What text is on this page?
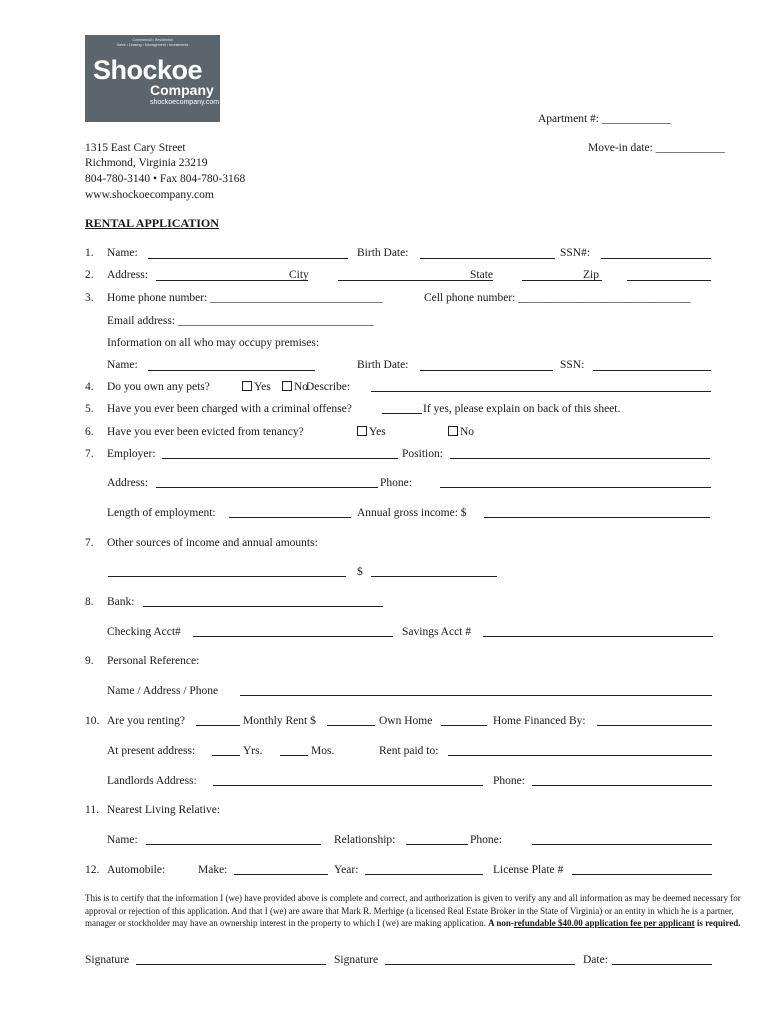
Commercial • Residential
Sales • Leasing • Management • Investments
Shockoe
Company
shockoecompany.com
Apartment #: ____________
Move-in date: ____________
1315 East Cary Street
Richmond, Virginia 23219
804-780-3140 • Fax 804-780-3168
www.shockoecompany.com
RENTAL APPLICATION
1. Name:	Birth Date:	SSN#:
2. Address:	City	State	Zip
3. Home phone number: ______________________________	Cell phone number: ______________________________
Email address: __________________________________
Information on all who may occupy premises:
Name:	Birth Date:	SSN:
4. Do you own any pets?	Yes	No
Describe:
5. Have you ever been charged with a criminal offense?	If yes, please explain on back of this sheet.
6. Have you ever been evicted from tenancy?	Yes	No
7. Employer:	Position:
Address:	Phone:
Length of employment:	Annual gross income: $
7. Other sources of income and annual amounts:
$
8. Bank:
Checking Acct#	Savings Acct #
9. Personal Reference:
Name / Address / Phone
10. Are you renting?	Monthly Rent $	Own Home	Home Financed By:
At present address:	Yrs.	Mos.	Rent paid to:
Landlords Address:	Phone:
11. Nearest Living Relative:
Name:	Relationship:	Phone:
12. Automobile:	Make:	Year:	License Plate #
This is to certify that the information I (we) have provided above is complete and correct, and authorization is given to verify any and all information as may be deemed necessary for approval or rejection of this application. And that I (we) are aware that Mark R. Merhige (a licensed Real Estate Broker in the State of Virginia) or an entity in which he is a partner, manager or stockholder may have an ownership interest in the property to which I (we) are making application. A non-refundable $40.00 application fee per applicant is required.
Signature	Signature	Date:
